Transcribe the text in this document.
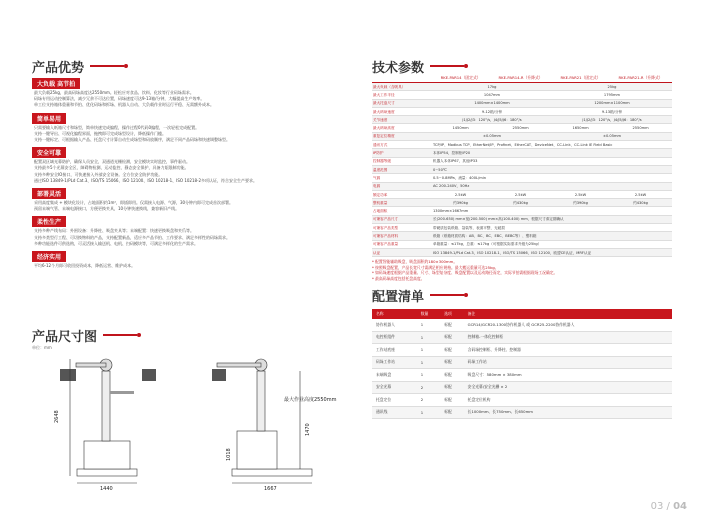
产品优势
大负载 高节拍
最大负载25kg，最高码垛高度达2550mm。轻松应对食品、饮料、化妆等行业码垛需求。
码垛专用运动控制算法，减少冗余不可达位置，码垛速度可达9-13箱/分钟，大幅提高生产效率。
单工位支持箱体重量和节拍、优化码垛和拆垛、机器人自动、大负载作业时运行平稳、无需额外成本。
简单易用
只需要输入纸箱尺寸和垛型，简单快速完成编程，操作过程0代码0编程，一次轻松完成配置。
支持一键导出、可视化编程界面，拖拽即可完成垛型设计，降低操作门槛。
支持一键标定、可根据输入产品、托盘尺寸计算自动生成垛型和码放顺序，满足不同产品码垛和快速调整垛型。
安全可靠
配置双区域光幕防护，确保人员安全，双通道光栅检测，安全模块实时监控，事件驱动。
支持最多5个光幕安全区，障碍物检测、运动监控、静态安全保护，具备力矩限制功能。
支持多种安全IO接口，可快速接入外部安全设备。全方位安全防护功能。
通过ISO 13849-1/PLd Cat.3、ISO/TS 15066、ISO 12100、ISO 10218-1、ISO 10218-2多项认证，符合安全生产要求。
部署灵活
采用高度集成 + 模块化设计，占地面积约1m²，即插即用。仅需接入电源、气源，30分钟内即可完成首次部署。
预留末端气管、末端电源接口，方便更换夹具，10分钟快速换线，兼容新旧产线。
柔性生产
支持多种产线布局：外围设备：升降柱、吸盘夹具等；末端配置：快速更换吸盘和夹爪等。
支持多类型行工程、可切换物料的产品，支持配置新品，适应多产品节拍、工作要求、满足多样性的码垛需求。
多种功能选件可供选购，可灵活接入输送机、电机、扫码模块等，可满足多样化的生产需求。
经济实用
平均6-12个月即可收回投资成本，降低运营、维护成本。
产品尺寸图
单位：mm
2648
1440
最大作业高度2550mm
1470
1018
1667
技术参数
	RKE-PAR14（固定式）	RKE-PAR14-R（升降式）	RKE-PAR21（固定式）	RKE-PAR21-R（升降式）
最大负载（含吸具）	17kg		25kg	
最大工作半径	1047mm		1795mm	
最大托盘尺寸	1400mm×1400mm		1200mm×1100mm	
最大码垛速度	9-12箱/分钟		9-13箱/分钟	
关节速度	J1/J2/J3：120°/s，J4/J5/J6：180°/s		J1/J2/J3：120°/s，J4/J5/J6：180°/s	
最大码垛高度	1450mm	2550mm	1650mm	2550mm
重复定位精度	±0.05mm		±0.05mm	
通讯方式	TCP/IP、Modbus TCP、EtherNet/IP、Profinet、EtherCAT、DeviceNet、CC-Link、CC-Link IE Field Basic			
IP防护	本体IP54，控制柜IP20			
控制器等级	机器人本体IP67，其他IP33			
温度范围	0~50℃			
气源	0.5~0.8MPa，流量：400L/min			
电源	AC 200-240V，50Hz			
额定功率	2.5kW	2.5kW	2.5kW	2.5kW
整机重量	约390kg	约430kg	约390kg	约430kg
占地面积	1300mm×1667mm			
可兼容产品尺寸	长(200-650) mm×宽(200-500) mm×高(100-400) mm，根据尺寸请定期确认			
可兼容产品类型	带硬质包装纸箱、袋装等，表面平整、无破损			
可兼容产品材料	纸箱（纸箱材质结构：AB、BC、BC、EBC、BEBC等）、塑料箱			
可兼容产品重量	单箱重量：≤17kg，总重：≤17kg（可根据实际需求升级为25kg）			
认证	ISO 13849-1/PLd Cat.3，ISO 10218-1，ISO/TS 15066，ISO 12100，欧盟CE认证，MRF认证			
* 配置智能辅助吸盘，吸盘面积约180×300mm。
* 按照吸盘配置，产品长宽尺寸需满足相应规格。最大搬运重量可达25kg。
* 如码垛速度根据产品重量、尺寸、垛型复杂度、吸盘配置以及运动路径而定，实际节拍需根据现场工况确定。
* 最高码垛高度包括托盘高度。
配置清单
名称	数量	选项	备注
协作机器人	1	标配	GCR14/GCR20-1300协作机器人 或 GCR25-2200协作机器人
电控柜组件	1	标配	控制箱-一体化控制柜
工作站底座	1	标配	含码垛控制柜、升降柱、控制器
码垛工作站	1	标配	码垛工作站
末端吸盘	1	标配	吸盘尺寸：580mm × 380mm
安全光幕	2	标配	安全光幕/安全光栅 × 2
托盘定位	2	标配	托盘定位机构
通讯线	1	标配	长1000mm、长750mm、长650mm
03 / 04
